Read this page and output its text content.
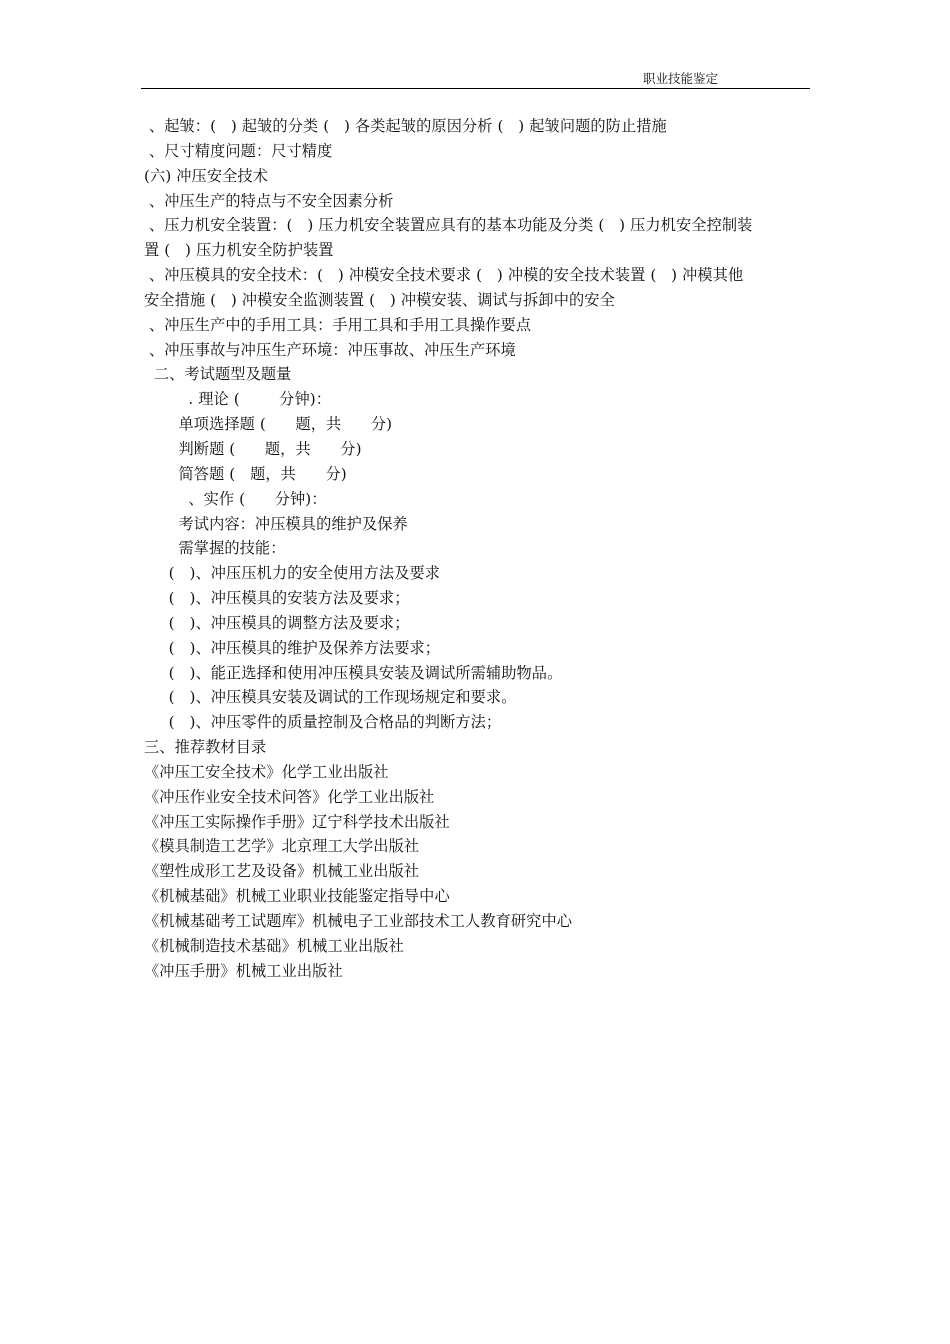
职业技能鉴定
、起皱：(   ) 起皱的分类 (   ) 各类起皱的原因分析 (   ) 起皱问题的防止措施
、尺寸精度问题：尺寸精度
(六) 冲压安全技术
、冲压生产的特点与不安全因素分析
、压力机安全装置：(   ) 压力机安全装置应具有的基本功能及分类 (   ) 压力机安全控制装
置 (   ) 压力机安全防护装置
、冲压模具的安全技术：(   ) 冲模安全技术要求 (   ) 冲模的安全技术装置 (   ) 冲模其他
安全措施 (   ) 冲模安全监测装置 (   ) 冲模安装、调试与拆卸中的安全
、冲压生产中的手用工具：手用工具和手用工具操作要点
、冲压事故与冲压生产环境：冲压事故、冲压生产环境
二、考试题型及题量
. 理论 (        分钟)：
单项选择题 (      题，共      分)
判断题 (      题，共      分)
简答题 (   题，共      分)
、实作 (      分钟)：
考试内容：冲压模具的维护及保养
需掌握的技能：
(   )、冲压压机力的安全使用方法及要求
(   )、冲压模具的安装方法及要求；
(   )、冲压模具的调整方法及要求；
(   )、冲压模具的维护及保养方法要求；
(   )、能正选择和使用冲压模具安装及调试所需辅助物品。
(   )、冲压模具安装及调试的工作现场规定和要求。
(   )、冲压零件的质量控制及合格品的判断方法；
三、推荐教材目录
《冲压工安全技术》化学工业出版社
《冲压作业安全技术问答》化学工业出版社
《冲压工实际操作手册》辽宁科学技术出版社
《模具制造工艺学》北京理工大学出版社
《塑性成形工艺及设备》机械工业出版社
《机械基础》机械工业职业技能鉴定指导中心
《机械基础考工试题库》机械电子工业部技术工人教育研究中心
《机械制造技术基础》机械工业出版社
《冲压手册》机械工业出版社
